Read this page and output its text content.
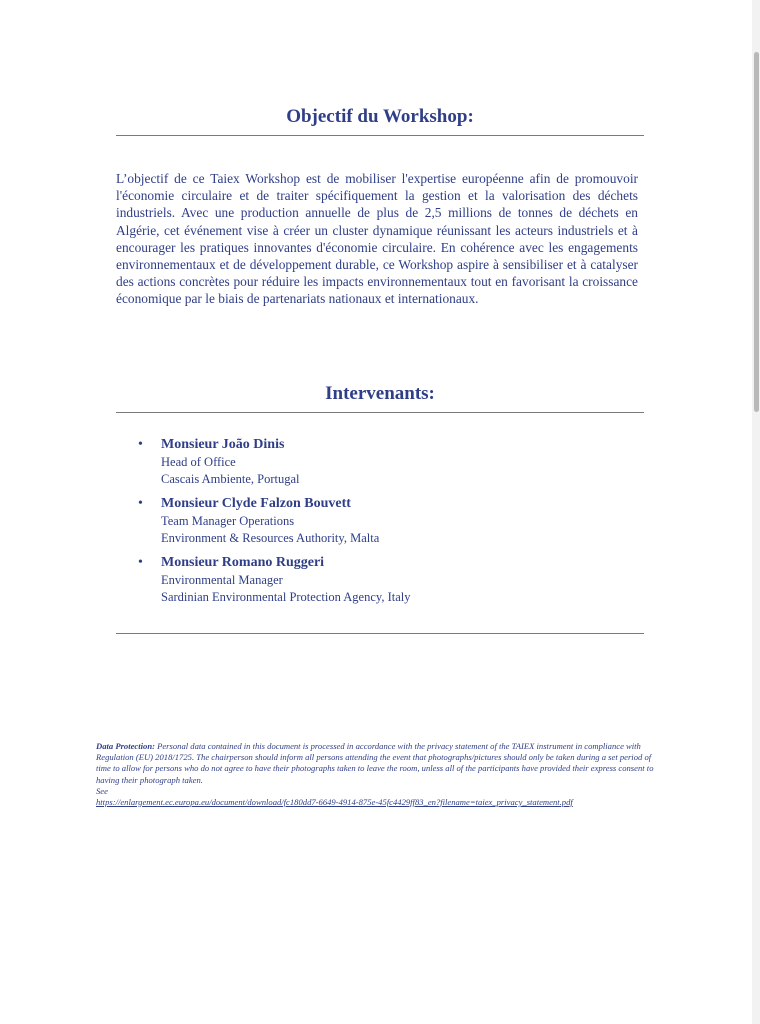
Objectif du Workshop:

L’objectif de ce Taiex Workshop est de mobiliser l'expertise européenne afin de promouvoir l'économie circulaire et de traiter spécifiquement la gestion et la valorisation des déchets industriels. Avec une production annuelle de plus de 2,5 millions de tonnes de déchets en Algérie, cet événement vise à créer un cluster dynamique réunissant les acteurs industriels et à encourager les pratiques innovantes d'économie circulaire. En cohérence avec les engagements environnementaux et de développement durable, ce Workshop aspire à sensibiliser et à catalyser des actions concrètes pour réduire les impacts environnementaux tout en favorisant la croissance économique par le biais de partenariats nationaux et internationaux.

Intervenants:
• Monsieur João Dinis
Head of Office
Cascais Ambiente, Portugal
• Monsieur Clyde Falzon Bouvett
Team Manager Operations
Environment & Resources Authority, Malta
• Monsieur Romano Ruggeri
Environmental Manager
Sardinian Environmental Protection Agency, Italy
Data Protection: Personal data contained in this document is processed in accordance with the privacy statement of the TAIEX instrument in compliance with Regulation (EU) 2018/1725. The chairperson should inform all persons attending the event that photographs/pictures should only be taken during a set period of time to allow for persons who do not agree to have their photographs taken to leave the room, unless all of the participants have provided their express consent to having their photograph taken.
See
https://enlargement.ec.europa.eu/document/download/fc180dd7-6649-4914-875e-45fc4429ff83_en?filename=taiex_privacy_statement.pdf
